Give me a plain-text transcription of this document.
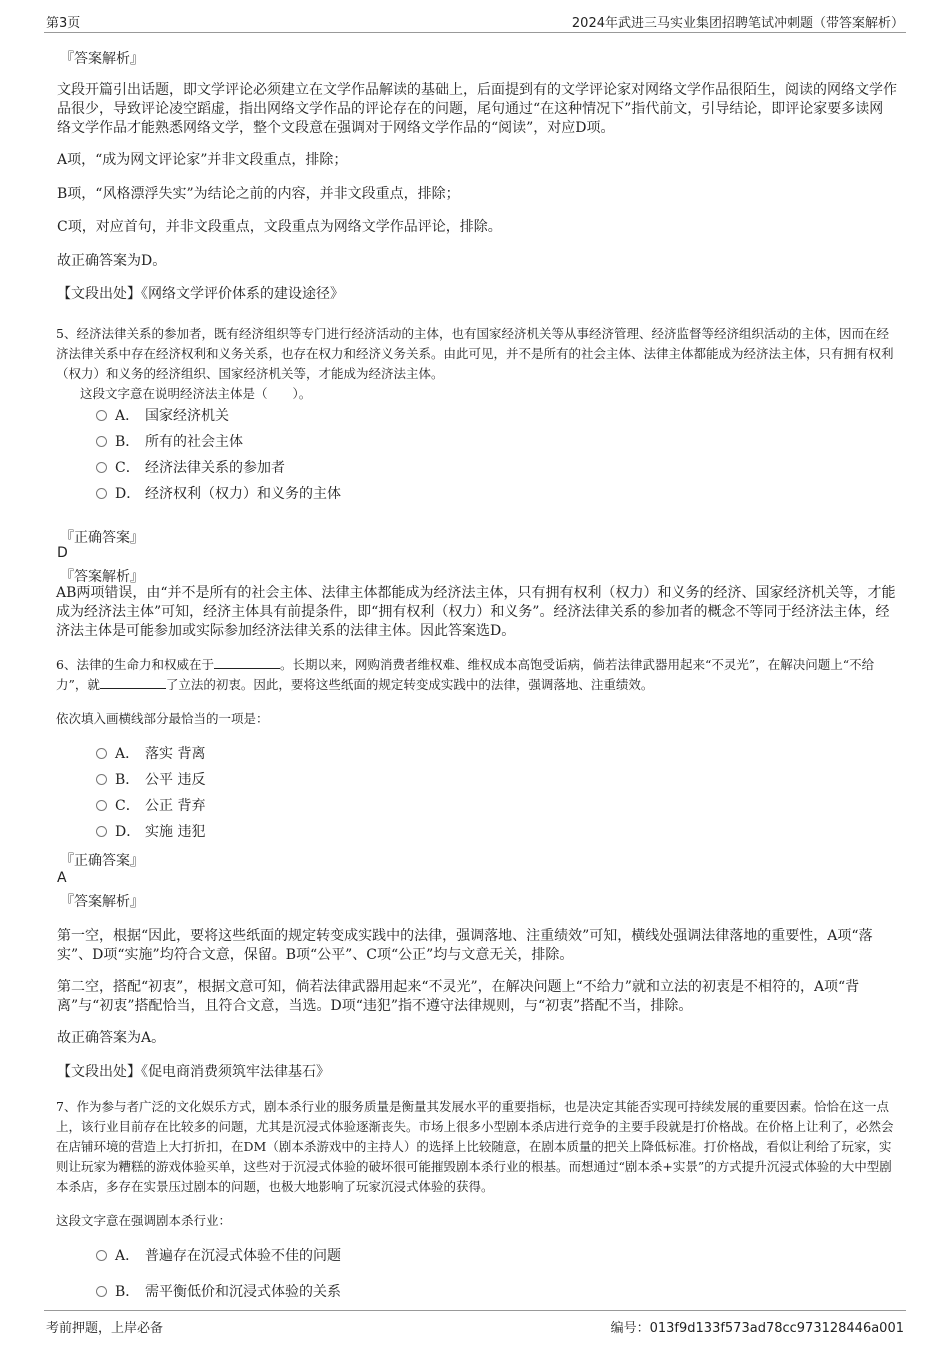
第3页	2024年武进三马实业集团招聘笔试冲刺题（带答案解析）
『答案解析』
文段开篇引出话题，即文学评论必须建立在文学作品解读的基础上，后面提到有的文学评论家对网络文学作品很陌生，阅读的网络文学作品很少，导致评论凌空蹈虚，指出网络文学作品的评论存在的问题，尾句通过“在这种情况下”指代前文，引导结论，即评论家要多读网络文学作品才能熟悉网络文学，整个文段意在强调对于网络文学作品的“阅读”，对应D项。
A项，“成为网文评论家”并非文段重点，排除；
B项，“风格漂浮失实”为结论之前的内容，并非文段重点，排除；
C项，对应首句，并非文段重点，文段重点为网络文学作品评论，排除。
故正确答案为D。
【文段出处】《网络文学评价体系的建设途径》
5、经济法律关系的参加者，既有经济组织等专门进行经济活动的主体，也有国家经济机关等从事经济管理、经济监督等经济组织活动的主体，因而在经济法律关系中存在经济权利和义务关系，也存在权力和经济义务关系。由此可见，并不是所有的社会主体、法律主体都能成为经济法主体，只有拥有权利（权力）和义务的经济组织、国家经济机关等，才能成为经济法主体。
这段文字意在说明经济法主体是（　　）。
A． 国家经济机关
B． 所有的社会主体
C． 经济法律关系的参加者
D． 经济权利（权力）和义务的主体
『正确答案』
D
『答案解析』
AB两项错误，由“并不是所有的社会主体、法律主体都能成为经济法主体，只有拥有权利（权力）和义务的经济、国家经济机关等，才能成为经济法主体”可知，经济主体具有前提条件，即“拥有权利（权力）和义务”。经济法律关系的参加者的概念不等同于经济法主体，经济法主体是可能参加或实际参加经济法律关系的法律主体。因此答案选D。
6、法律的生命力和权威在于	。长期以来，网购消费者维权难、维权成本高饱受诟病，倘若法律武器用起来“不灵光”，在解决问题上“不给力”，就	了立法的初衷。因此，要将这些纸面的规定转变成实践中的法律，强调落地、注重绩效。
依次填入画横线部分最恰当的一项是：
A． 落实 背离
B． 公平 违反
C． 公正 背弃
D． 实施 违犯
『正确答案』
A
『答案解析』
第一空，根据“因此，要将这些纸面的规定转变成实践中的法律，强调落地、注重绩效”可知，横线处强调法律落地的重要性，A项“落实”、D项“实施”均符合文意，保留。B项“公平”、C项“公正”均与文意无关，排除。
第二空，搭配“初衷”，根据文意可知，倘若法律武器用起来“不灵光”，在解决问题上“不给力”就和立法的初衷是不相符的，A项“背离”与“初衷”搭配恰当，且符合文意，当选。D项“违犯”指不遵守法律规则，与“初衷”搭配不当，排除。
故正确答案为A。
【文段出处】《促电商消费须筑牢法律基石》
7、作为参与者广泛的文化娱乐方式，剧本杀行业的服务质量是衡量其发展水平的重要指标，也是决定其能否实现可持续发展的重要因素。恰恰在这一点上，该行业目前存在比较多的问题，尤其是沉浸式体验逐渐丧失。市场上很多小型剧本杀店进行竞争的主要手段就是打价格战。在价格上让利了，必然会在店铺环境的营造上大打折扣，在DM（剧本杀游戏中的主持人）的选择上比较随意，在剧本质量的把关上降低标准。打价格战，看似让利给了玩家，实则让玩家为糟糕的游戏体验买单，这些对于沉浸式体验的破坏很可能摧毁剧本杀行业的根基。而想通过“剧本杀+实景”的方式提升沉浸式体验的大中型剧本杀店，多存在实景压过剧本的问题，也极大地影响了玩家沉浸式体验的获得。
这段文字意在强调剧本杀行业：
A． 普遍存在沉浸式体验不佳的问题
B． 需平衡低价和沉浸式体验的关系
考前押题，上岸必备	编号：013f9d133f573ad78cc973128446a001
